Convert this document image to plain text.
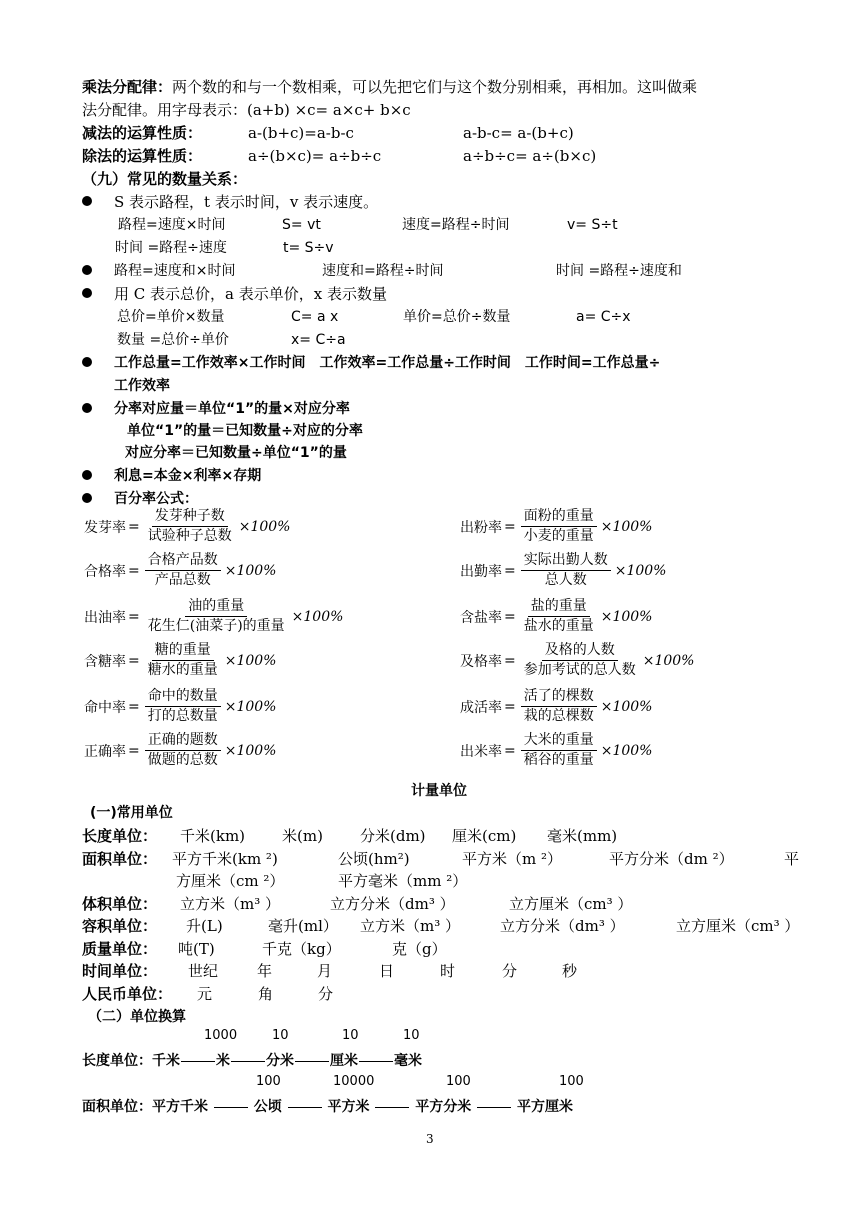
乘法分配律：两个数的和与一个数相乘，可以先把它们与这个数分别相乘，再相加。这叫做乘
法分配律。用字母表示：(a+b) ×c= a×c+ b×c
减法的运算性质：	a-(b+c)=a-b-c	a-b-c= a-(b+c)
除法的运算性质：	a÷(b×c)= a÷b÷c	a÷b÷c= a÷(b×c)
（九）常见的数量关系：
S 表示路程，t 表示时间，v 表示速度。
路程=速度×时间	S= vt	速度=路程÷时间	v= S÷t
时间 =路程÷速度	t= S÷v
路程=速度和×时间	速度和=路程÷时间	时间 =路程÷速度和
用 C 表示总价，a 表示单价，x 表示数量
总价=单价×数量	C= a x	单价=总价÷数量	a= C÷x
数量 =总价÷单价	x= C÷a
工作总量=工作效率×工作时间　工作效率=工作总量÷工作时间　工作时间=工作总量÷
工作效率
分率对应量＝单位“1”的量×对应分率
单位“1”的量＝已知数量÷对应的分率
对应分率＝已知数量÷单位“1”的量
利息=本金×利率×存期
百分率公式：
发芽率 = $\frac{\text{发芽种子数}}{\text{试验种子总数}} \times 100\%$	出粉率 = $\frac{\text{面粉的重量}}{\text{小麦的重量}} \times 100\%$
合格率 = $\frac{\text{合格产品数}}{\text{产品总数}} \times 100\%$	出勤率 = $\frac{\text{实际出勤人数}}{\text{总人数}} \times 100\%$
出油率 = $\frac{\text{油的重量}}{\text{花生仁(油菜子)的重量}} \times 100\%$	含盐率 = $\frac{\text{盐的重量}}{\text{盐水的重量}} \times 100\%$
含糖率 = $\frac{\text{糖的重量}}{\text{糖水的重量}} \times 100\%$	及格率 = $\frac{\text{及格的人数}}{\text{参加考试的总人数}} \times 100\%$
命中率 = $\frac{\text{命中的数量}}{\text{打的总数量}} \times 100\%$	成活率 = $\frac{\text{活了的棵数}}{\text{栽的总棵数}} \times 100\%$
正确率 = $\frac{\text{正确的题数}}{\text{做题的总数}} \times 100\%$	出米率 = $\frac{\text{大米的重量}}{\text{稻谷的重量}} \times 100\%$
计量单位
(一)常用单位
长度单位： 千米(km) 米(m) 分米(dm) 厘米(cm) 毫米(mm)
面积单位： 平方千米(km ²)	公顷(hm²)	平方米（m ²）	平方分米（dm ²）	平
方厘米（cm ²）	平方毫米（mm ²）
体积单位： 立方米（m³ ）	立方分米（dm³ ）	立方厘米（cm³ ）
容积单位： 升(L)	毫升(ml） 立方米（m³ ）	立方分米（dm³ ）	立方厘米（cm³ ）
质量单位： 吨(T)	千克（kg）	克（g）
时间单位： 世纪	年	月	日	时	分	秒
人民币单位： 元	角	分
（二）单位换算
1000	10	10	10
长度单位：千米	米	分米	厘米	毫米
100	10000	100	100
面积单位：平方千米	公顷	平方米	平方分米	平方厘米
3
